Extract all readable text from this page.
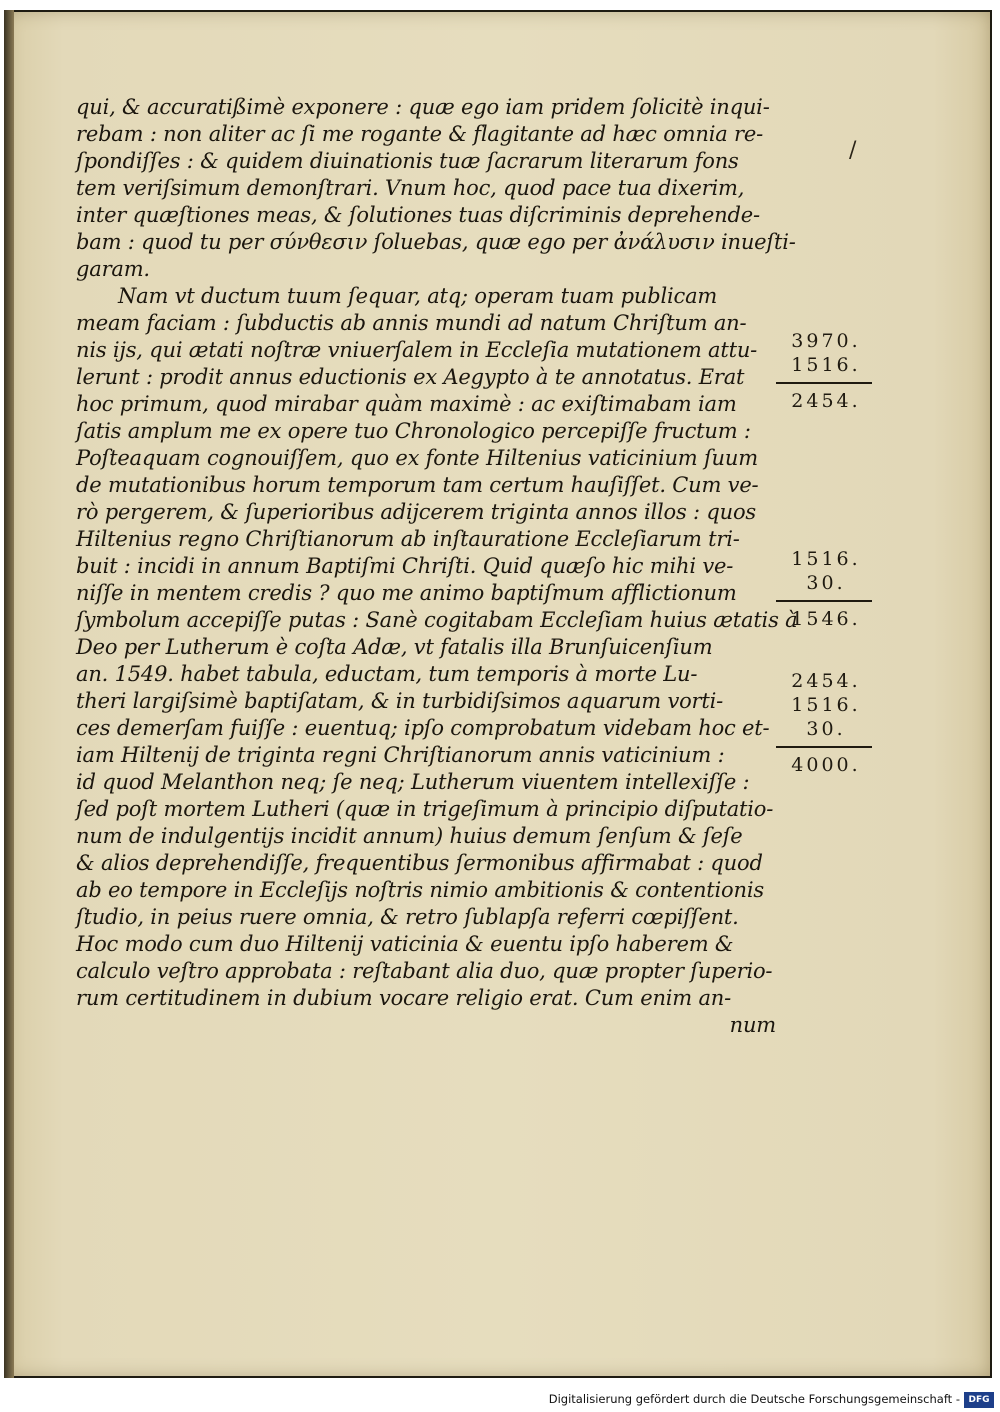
qui, & accuratißimè exponere : quæ ego iam pridem ſolicitè inqui-
rebam : non aliter ac ſi me rogante & flagitante ad hæc omnia re-
ſpondiſſes : & quidem diuinationis tuæ ſacrarum literarum fons
tem veriſsimum demonſtrari. Vnum hoc, quod pace tua dixerim,
inter quæſtiones meas, & ſolutiones tuas diſcriminis deprehende-
bam : quod tu per σύνθεσιν ſoluebas, quæ ego per ἀνάλυσιν inueſti-
garam.
Nam vt ductum tuum ſequar, atq; operam tuam publicam
meam faciam : ſubductis ab annis mundi ad natum Chriſtum an-
nis ijs, qui ætati noſtræ vniuerſalem in Eccleſia mutationem attu-
lerunt : prodit annus eductionis ex Aegypto à te annotatus. Erat
hoc primum, quod mirabar quàm maximè : ac exiſtimabam iam
ſatis amplum me ex opere tuo Chronologico percepiſſe fructum :
Poſteaquam cognouiſſem, quo ex fonte Hiltenius vaticinium ſuum
de mutationibus horum temporum tam certum hauſiſſet. Cum ve-
rò pergerem, & ſuperioribus adijcerem triginta annos illos : quos
Hiltenius regno Chriſtianorum ab inſtauratione Eccleſiarum tri-
buit : incidi in annum Baptiſmi Chriſti. Quid quæſo hic mihi ve-
niſſe in mentem credis ? quo me animo baptiſmum afflictionum
ſymbolum accepiſſe putas : Sanè cogitabam Eccleſiam huius ætatis à
Deo per Lutherum è coſta Adæ, vt fatalis illa Brunſuicenſium
an. 1549. habet tabula, eductam, tum temporis à morte Lu-
theri largiſsimè baptiſatam, & in turbidiſsimos aquarum vorti-
ces demerſam fuiſſe : euentuq; ipſo comprobatum videbam hoc et-
iam Hiltenij de triginta regni Chriſtianorum annis vaticinium :
id quod Melanthon neq; ſe neq; Lutherum viuentem intellexiſſe :
ſed poſt mortem Lutheri (quæ in trigeſimum à principio diſputatio-
num de indulgentijs incidit annum) huius demum ſenſum & ſeſe
& alios deprehendiſſe, frequentibus ſermonibus affirmabat : quod
ab eo tempore in Eccleſijs noſtris nimio ambitionis & contentionis
ſtudio, in peius ruere omnia, & retro ſublapſa referri cœpiſſent.
Hoc modo cum duo Hiltenij vaticinia & euentu ipſo haberem &
calculo veſtro approbata : reſtabant alia duo, quæ propter ſuperio-
rum certitudinem in dubium vocare religio erat. Cum enim an-
num
/
3970.
1516.
2454.
1516.
30.
1546.
2454.
1516.
30.
4000.
Digitalisierung gefördert durch die Deutsche Forschungsgemeinschaft - DFG
